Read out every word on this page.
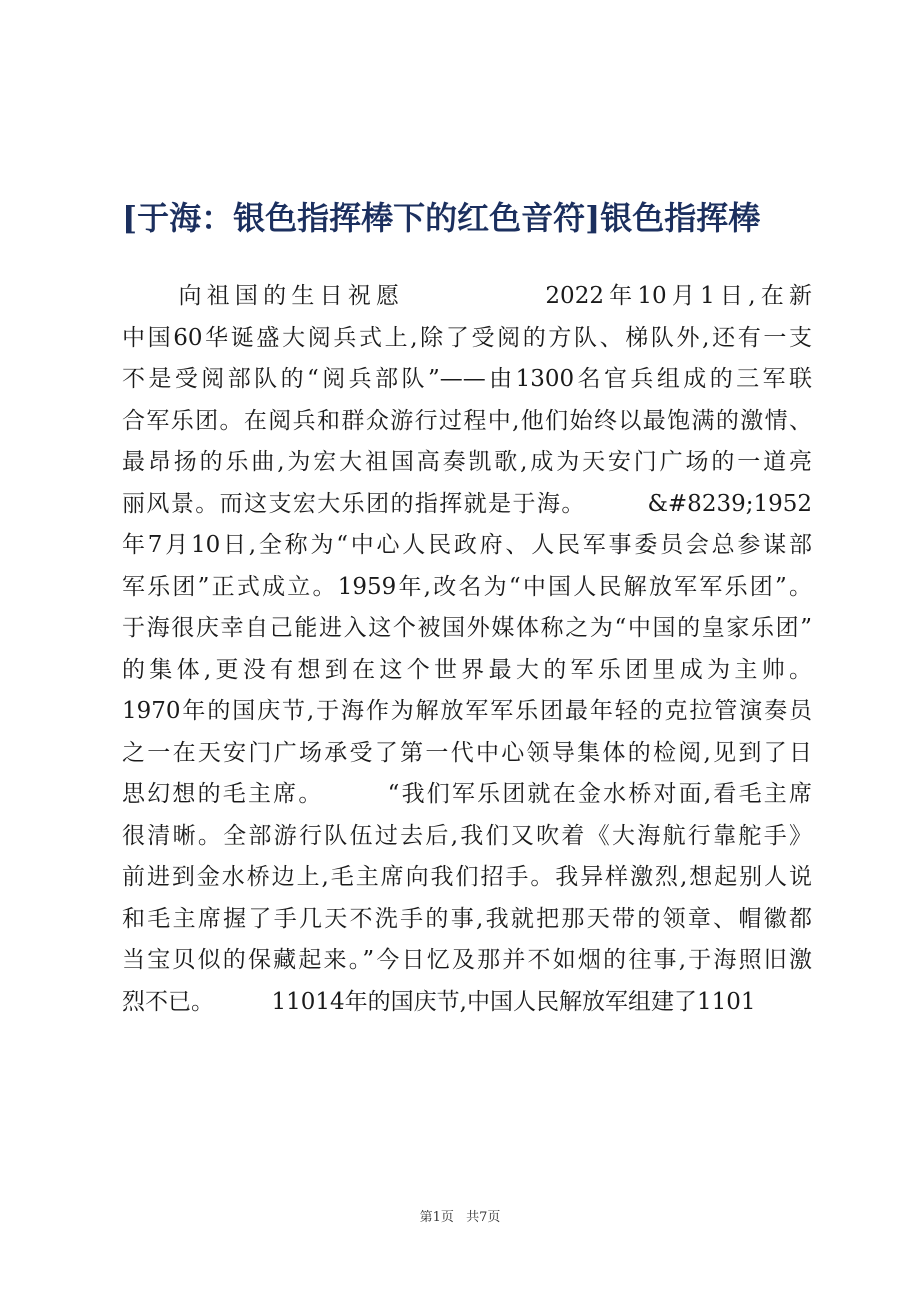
[于海：银色指挥棒下的红色音符]银色指挥棒
　　向祖国的生日祝愿　　　　　2022年10月1日,在新
中国60华诞盛大阅兵式上,除了受阅的方队、梯队外,还有一支
不是受阅部队的“阅兵部队”——由1300名官兵组成的三军联
合军乐团。在阅兵和群众游行过程中,他们始终以最饱满的激情、
最昂扬的乐曲,为宏大祖国高奏凯歌,成为天安门广场的一道亮
丽风景。而这支宏大乐团的指挥就是于海。　　　&#8239;1952
年7月10日,全称为“中心人民政府、人民军事委员会总参谋部
军乐团”正式成立。1959年,改名为“中国人民解放军军乐团”。
于海很庆幸自己能进入这个被国外媒体称之为“中国的皇家乐团”
的集体,更没有想到在这个世界最大的军乐团里成为主帅。
1970年的国庆节,于海作为解放军军乐团最年轻的克拉管演奏员
之一在天安门广场承受了第一代中心领导集体的检阅,见到了日
思幻想的毛主席。　　　“我们军乐团就在金水桥对面,看毛主席
很清晰。全部游行队伍过去后,我们又吹着《大海航行靠舵手》
前进到金水桥边上,毛主席向我们招手。我异样激烈,想起别人说
和毛主席握了手几天不洗手的事,我就把那天带的领章、帽徽都
当宝贝似的保藏起来。”今日忆及那并不如烟的往事,于海照旧激
烈不已。　　　11014年的国庆节,中国人民解放军组建了1101
第1页 共7页
